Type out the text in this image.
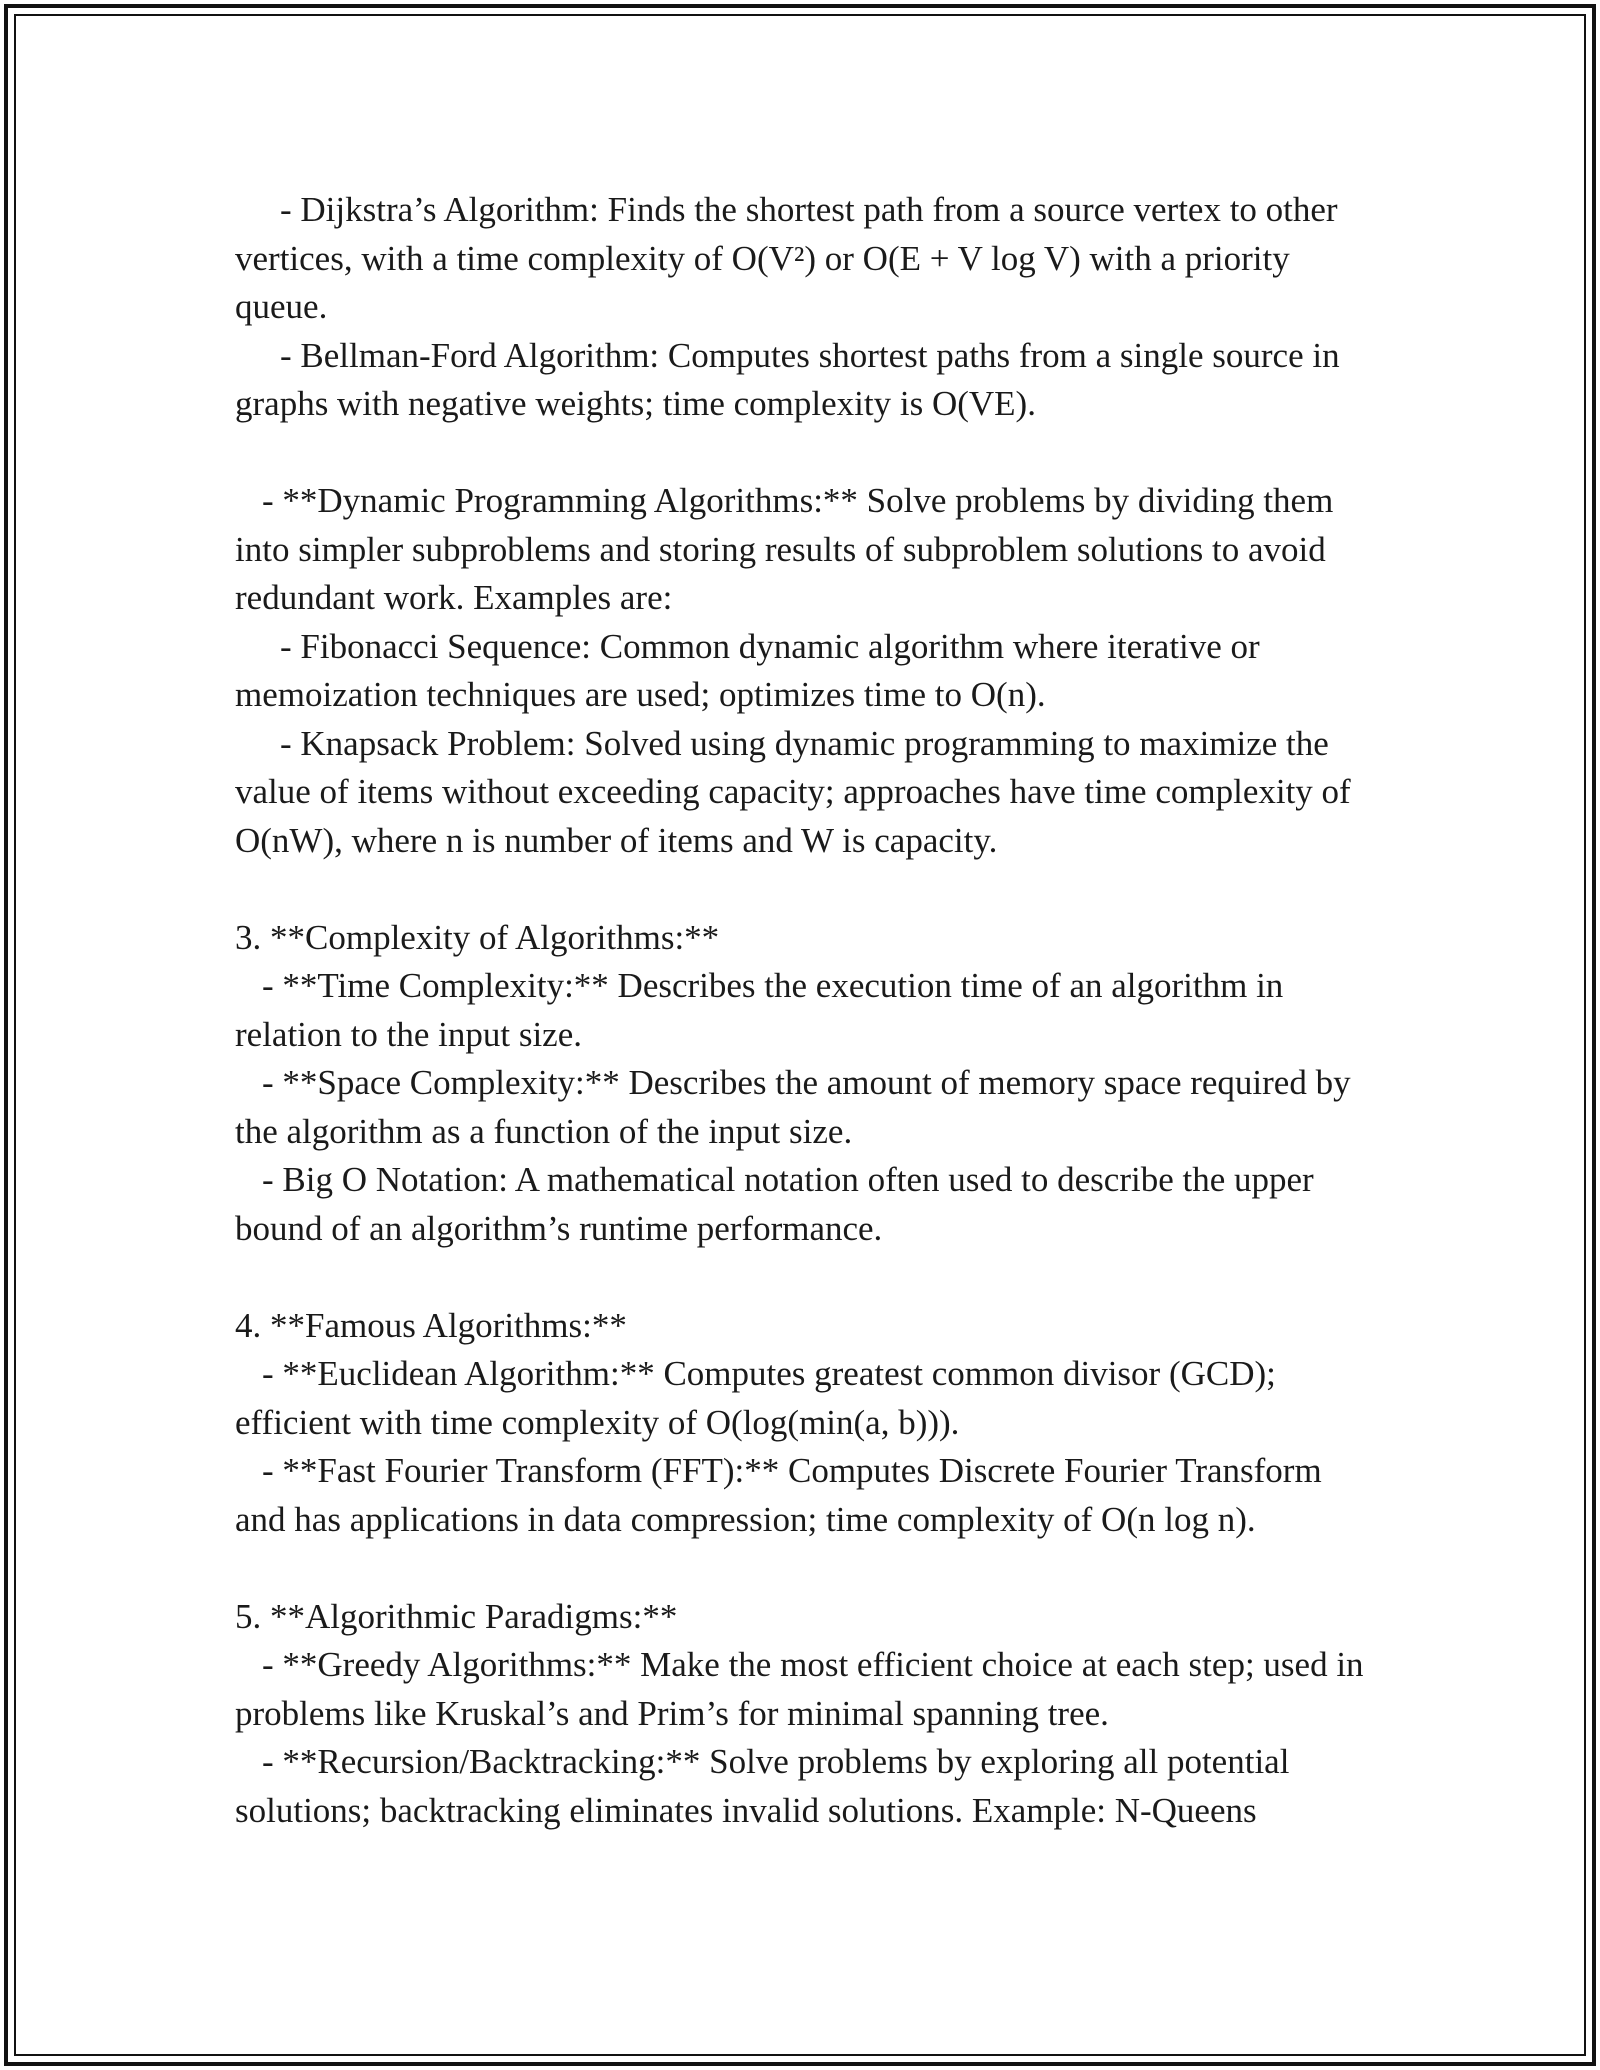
- Dijkstra’s Algorithm: Finds the shortest path from a source vertex to other vertices, with a time complexity of O(V²) or O(E + V log V) with a priority queue.

- Bellman-Ford Algorithm: Computes shortest paths from a single source in graphs with negative weights; time complexity is O(VE).

- **Dynamic Programming Algorithms:** Solve problems by dividing them into simpler subproblems and storing results of subproblem solutions to avoid redundant work. Examples are:

- Fibonacci Sequence: Common dynamic algorithm where iterative or memoization techniques are used; optimizes time to O(n).

- Knapsack Problem: Solved using dynamic programming to maximize the value of items without exceeding capacity; approaches have time complexity of O(nW), where n is number of items and W is capacity.

3. **Complexity of Algorithms:**

- **Time Complexity:** Describes the execution time of an algorithm in relation to the input size.

- **Space Complexity:** Describes the amount of memory space required by the algorithm as a function of the input size.

- Big O Notation: A mathematical notation often used to describe the upper bound of an algorithm’s runtime performance.

4. **Famous Algorithms:**

- **Euclidean Algorithm:** Computes greatest common divisor (GCD); efficient with time complexity of O(log(min(a, b))).

- **Fast Fourier Transform (FFT):** Computes Discrete Fourier Transform and has applications in data compression; time complexity of O(n log n).

5. **Algorithmic Paradigms:**

- **Greedy Algorithms:** Make the most efficient choice at each step; used in problems like Kruskal’s and Prim’s for minimal spanning tree.

- **Recursion/Backtracking:** Solve problems by exploring all potential solutions; backtracking eliminates invalid solutions. Example: N-Queens
